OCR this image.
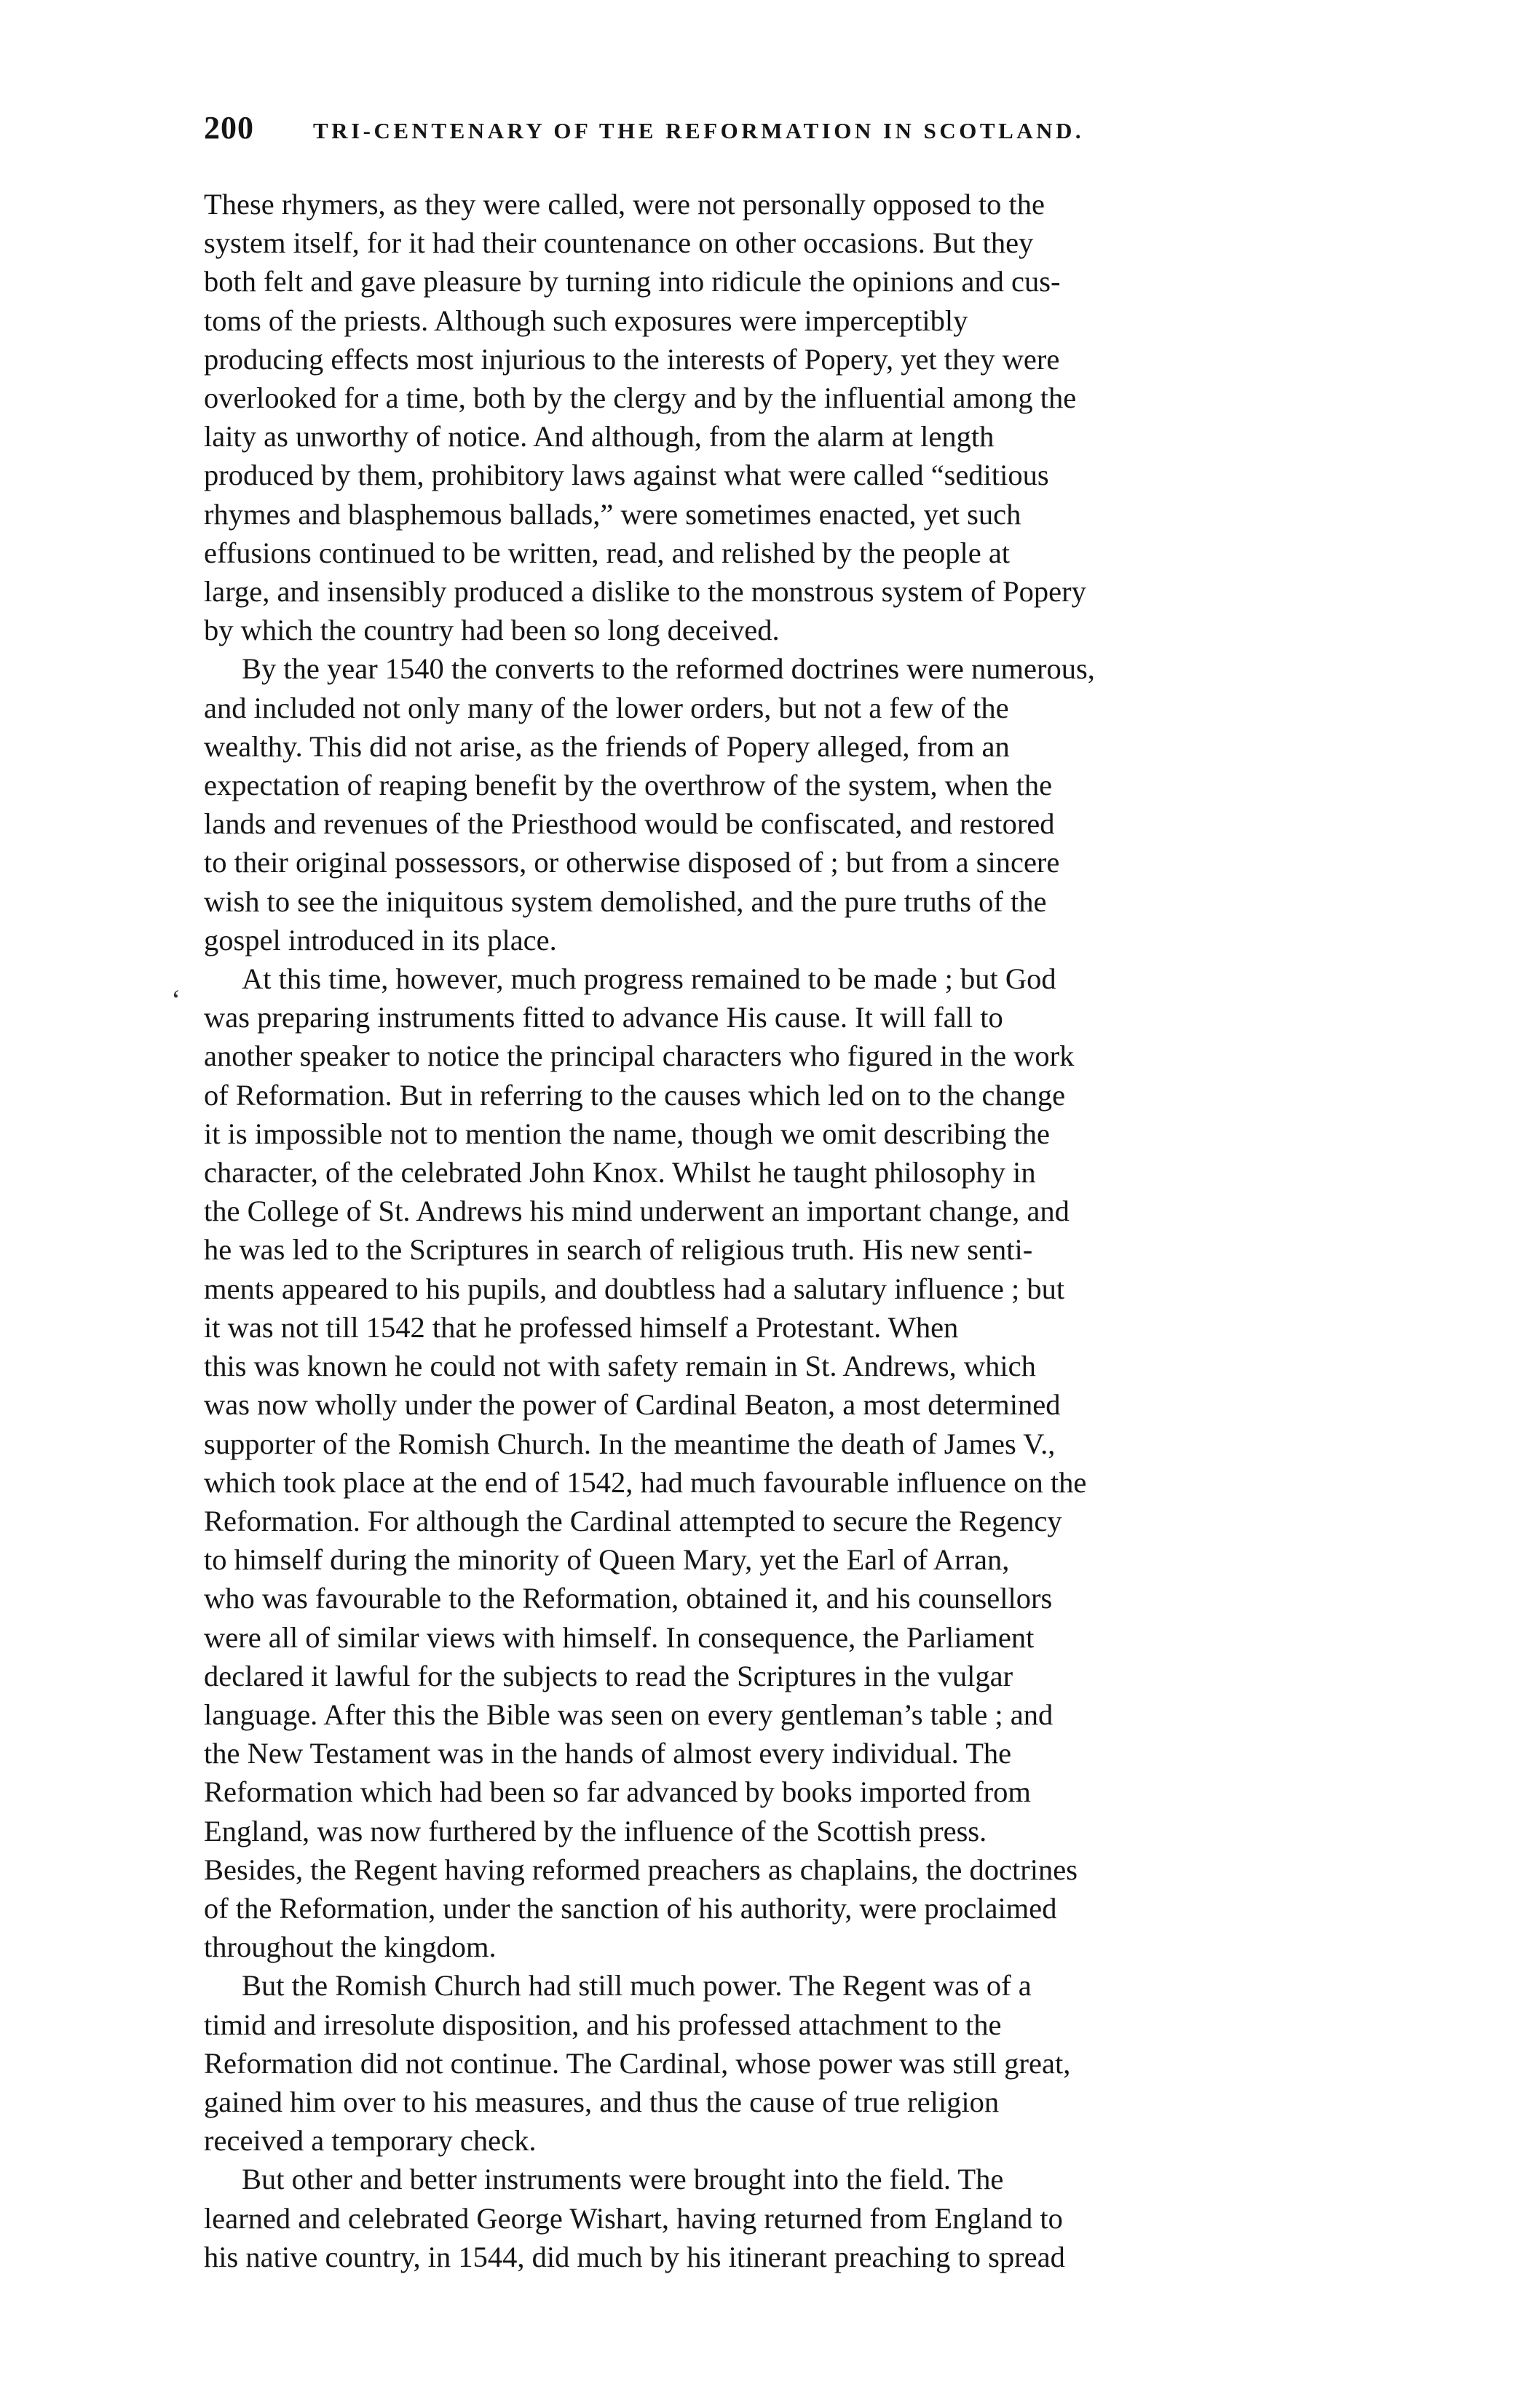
200	TRI-CENTENARY OF THE REFORMATION IN SCOTLAND.

These rhymers, as they were called, were not personally opposed to the
system itself, for it had their countenance on other occasions. But they
both felt and gave pleasure by turning into ridicule the opinions and cus-
toms of the priests. Although such exposures were imperceptibly
producing effects most injurious to the interests of Popery, yet they were
overlooked for a time, both by the clergy and by the influential among the
laity as unworthy of notice. And although, from the alarm at length
produced by them, prohibitory laws against what were called “seditious
rhymes and blasphemous ballads,” were sometimes enacted, yet such
effusions continued to be written, read, and relished by the people at
large, and insensibly produced a dislike to the monstrous system of Popery
by which the country had been so long deceived.

By the year 1540 the converts to the reformed doctrines were numerous,
and included not only many of the lower orders, but not a few of the
wealthy. This did not arise, as the friends of Popery alleged, from an
expectation of reaping benefit by the overthrow of the system, when the
lands and revenues of the Priesthood would be confiscated, and restored
to their original possessors, or otherwise disposed of ; but from a sincere
wish to see the iniquitous system demolished, and the pure truths of the
gospel introduced in its place.

At this time, however, much progress remained to be made ; but God
was preparing instruments fitted to advance His cause. It will fall to
another speaker to notice the principal characters who figured in the work
of Reformation. But in referring to the causes which led on to the change
it is impossible not to mention the name, though we omit describing the
character, of the celebrated John Knox. Whilst he taught philosophy in
the College of St. Andrews his mind underwent an important change, and
he was led to the Scriptures in search of religious truth. His new senti-
ments appeared to his pupils, and doubtless had a salutary influence ; but
it was not till 1542 that he professed himself a Protestant. When
this was known he could not with safety remain in St. Andrews, which
was now wholly under the power of Cardinal Beaton, a most determined
supporter of the Romish Church. In the meantime the death of James V.,
which took place at the end of 1542, had much favourable influence on the
Reformation. For although the Cardinal attempted to secure the Regency
to himself during the minority of Queen Mary, yet the Earl of Arran,
who was favourable to the Reformation, obtained it, and his counsellors
were all of similar views with himself. In consequence, the Parliament
declared it lawful for the subjects to read the Scriptures in the vulgar
language. After this the Bible was seen on every gentleman’s table ; and
the New Testament was in the hands of almost every individual. The
Reformation which had been so far advanced by books imported from
England, was now furthered by the influence of the Scottish press.
Besides, the Regent having reformed preachers as chaplains, the doctrines
of the Reformation, under the sanction of his authority, were proclaimed
throughout the kingdom.

But the Romish Church had still much power. The Regent was of a
timid and irresolute disposition, and his professed attachment to the
Reformation did not continue. The Cardinal, whose power was still great,
gained him over to his measures, and thus the cause of true religion
received a temporary check.

But other and better instruments were brought into the field. The
learned and celebrated George Wishart, having returned from England to
his native country, in 1544, did much by his itinerant preaching to spread

‘
